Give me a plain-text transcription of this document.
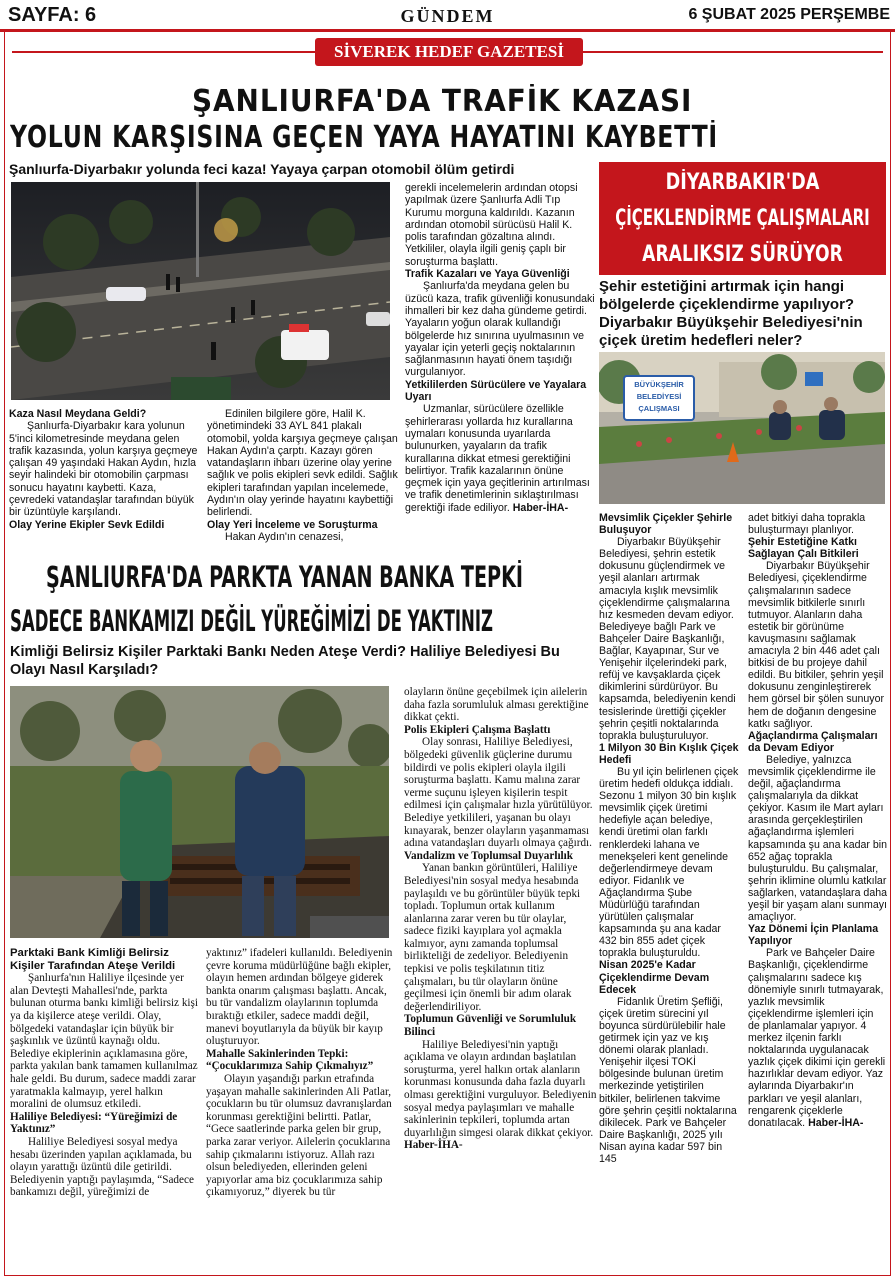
SAYFA: 6	GÜNDEM	6 ŞUBAT 2025 PERŞEMBE
SİVEREK HEDEF GAZETESİ
ŞANLIURFA'DA TRAFİK KAZASI
YOLUN KARŞISINA GEÇEN YAYA HAYATINI KAYBETTİ
Şanlıurfa-Diyarbakır yolunda feci kaza! Yayaya çarpan otomobil ölüm getirdi

Kaza Nasıl Meydana Geldi?

Şanlıurfa-Diyarbakır kara yolunun 5'inci kilometresinde meydana gelen trafik kazasında, yolun karşıya geçmeye çalışan 49 yaşındaki Hakan Aydın, hızla seyir halindeki bir otomobilin çarpması sonucu hayatını kaybetti. Kaza, çevredeki vatandaşlar tarafından büyük bir üzüntüyle karşılandı.

Olay Yerine Ekipler Sevk Edildi

Edinilen bilgilere göre, Halil K. yönetimindeki 33 AYL 841 plakalı otomobil, yolda karşıya geçmeye çalışan Hakan Aydın'a çarptı. Kazayı gören vatandaşların ihbarı üzerine olay yerine sağlık ve polis ekipleri sevk edildi. Sağlık ekipleri tarafından yapılan incelemede, Aydın'ın olay yerinde hayatını kaybettiği belirlendi.

Olay Yeri İnceleme ve Soruşturma

Hakan Aydın'ın cenazesi,

gerekli incelemelerin ardından otopsi yapılmak üzere Şanlıurfa Adli Tıp Kurumu morguna kaldırıldı. Kazanın ardından otomobil sürücüsü Halil K. polis tarafından gözaltına alındı. Yetkililer, olayla ilgili geniş çaplı bir soruşturma başlattı.

Trafik Kazaları ve Yaya Güvenliği

Şanlıurfa'da meydana gelen bu üzücü kaza, trafik güvenliği konusundaki ihmalleri bir kez daha gündeme getirdi. Yayaların yoğun olarak kullandığı bölgelerde hız sınırına uyulmasının ve yayalar için yeterli geçiş noktalarının sağlanmasının hayati önem taşıdığı vurgulanıyor.

Yetkililerden Sürücülere ve Yayalara Uyarı

Uzmanlar, sürücülere özellikle şehirlerarası yollarda hız kurallarına uymaları konusunda uyarılarda bulunurken, yayaların da trafik kurallarına dikkat etmesi gerektiğini belirtiyor. Trafik kazalarının önüne geçmek için yaya geçitlerinin artırılması ve trafik denetimlerinin sıklaştırılması gerektiği ifade ediliyor. Haber-İHA-

ŞANLIURFA'DA PARKTA YANAN BANKA TEPKİ
SADECE BANKAMIZI DEĞİL YÜREĞİMİZİ DE YAKTINIZ
Kimliği Belirsiz Kişiler Parktaki Bankı Neden Ateşe Verdi? Haliliye Belediyesi Bu Olayı Nasıl Karşıladı?

Parktaki Bank Kimliği Belirsiz Kişiler Tarafından Ateşe Verildi

Şanlıurfa'nın Haliliye ilçesinde yer alan Devteşti Mahallesi'nde, parkta bulunan oturma bankı kimliği belirsiz kişi ya da kişilerce ateşe verildi. Olay, bölgedeki vatandaşlar için büyük bir şaşkınlık ve üzüntü kaynağı oldu. Belediye ekiplerinin açıklamasına göre, parkta yakılan bank tamamen kullanılmaz hale geldi. Bu durum, sadece maddi zarar yaratmakla kalmayıp, yerel halkın moralini de olumsuz etkiledi.

Haliliye Belediyesi: “Yüreğimizi de Yaktınız”

Haliliye Belediyesi sosyal medya hesabı üzerinden yapılan açıklamada, bu olayın yarattığı üzüntü dile getirildi. Belediyenin yaptığı paylaşımda, “Sadece bankamızı değil, yüreğimizi de

yaktınız” ifadeleri kullanıldı. Belediyenin çevre koruma müdürlüğüne bağlı ekipler, olayın hemen ardından bölgeye giderek bankta onarım çalışması başlattı. Ancak, bu tür vandalizm olaylarının toplumda bıraktığı etkiler, sadece maddi değil, manevi boyutlarıyla da büyük bir kayıp oluşturuyor.

Mahalle Sakinlerinden Tepki: “Çocuklarımıza Sahip Çıkmalıyız”

Olayın yaşandığı parkın etrafında yaşayan mahalle sakinlerinden Ali Patlar, çocukların bu tür olumsuz davranışlardan korunması gerektiğini belirtti. Patlar, “Gece saatlerinde parka gelen bir grup, parka zarar veriyor. Ailelerin çocuklarına sahip çıkmalarını istiyoruz. Allah razı olsun belediyeden, ellerinden geleni yapıyorlar ama biz çocuklarımıza sahip çıkamıyoruz,” diyerek bu tür

olayların önüne geçebilmek için ailelerin daha fazla sorumluluk alması gerektiğine dikkat çekti.

Polis Ekipleri Çalışma Başlattı

Olay sonrası, Haliliye Belediyesi, bölgedeki güvenlik güçlerine durumu bildirdi ve polis ekipleri olayla ilgili soruşturma başlattı. Kamu malına zarar verme suçunu işleyen kişilerin tespit edilmesi için çalışmalar hızla yürütülüyor. Belediye yetkilileri, yaşanan bu olayı kınayarak, benzer olayların yaşanmaması adına vatandaşları duyarlı olmaya çağırdı.

Vandalizm ve Toplumsal Duyarlılık

Yanan bankın görüntüleri, Haliliye Belediyesi'nin sosyal medya hesabında paylaşıldı ve bu görüntüler büyük tepki topladı. Toplumun ortak kullanım alanlarına zarar veren bu tür olaylar, sadece fiziki kayıplara yol açmakla kalmıyor, aynı zamanda toplumsal birlikteliği de zedeliyor. Belediyenin tepkisi ve polis teşkilatının titiz çalışmaları, bu tür olayların önüne geçilmesi için önemli bir adım olarak değerlendiriliyor.

Toplumun Güvenliği ve Sorumluluk Bilinci

Haliliye Belediyesi'nin yaptığı açıklama ve olayın ardından başlatılan soruşturma, yerel halkın ortak alanların korunması konusunda daha fazla duyarlı olması gerektiğini vurguluyor. Belediyenin sosyal medya paylaşımları ve mahalle sakinlerinin tepkileri, toplumda artan duyarlılığın simgesi olarak dikkat çekiyor. Haber-İHA-

DİYARBAKIR'DA
ÇİÇEKLENDİRME ÇALIŞMALARI
ARALIKSIZ SÜRÜYOR
Şehir estetiğini artırmak için hangi bölgelerde çiçeklendirme yapılıyor? Diyarbakır Büyükşehir Belediyesi'nin çiçek üretim hedefleri neler?
BÜYÜKŞEHİR BELEDİYESİ ÇALIŞMASI

Mevsimlik Çiçekler Şehirle Buluşuyor

Diyarbakır Büyükşehir Belediyesi, şehrin estetik dokusunu güçlendirmek ve yeşil alanları artırmak amacıyla kışlık mevsimlik çiçeklendirme çalışmalarına hız kesmeden devam ediyor. Belediyeye bağlı Park ve Bahçeler Daire Başkanlığı, Bağlar, Kayapınar, Sur ve Yenişehir ilçelerindeki park, refüj ve kavşaklarda çiçek dikimlerini sürdürüyor. Bu kapsamda, belediyenin kendi tesislerinde ürettiği çiçekler şehrin çeşitli noktalarında toprakla buluşturuluyor.

1 Milyon 30 Bin Kışlık Çiçek Hedefi

Bu yıl için belirlenen çiçek üretim hedefi oldukça iddialı. Sezonu 1 milyon 30 bin kışlık mevsimlik çiçek üretimi hedefiyle açan belediye, kendi üretimi olan farklı renklerdeki lahana ve menekşeleri kent genelinde değerlendirmeye devam ediyor. Fidanlık ve Ağaçlandırma Şube Müdürlüğü tarafından yürütülen çalışmalar kapsamında şu ana kadar 432 bin 855 adet çiçek toprakla buluşturuldu.

Nisan 2025'e Kadar Çiçeklendirme Devam Edecek

Fidanlık Üretim Şefliği, çiçek üretim sürecini yıl boyunca sürdürülebilir hale getirmek için yaz ve kış dönemi olarak planladı. Yenişehir ilçesi TOKİ bölgesinde bulunan üretim merkezinde yetiştirilen bitkiler, belirlenen takvime göre şehrin çeşitli noktalarına dikilecek. Park ve Bahçeler Daire Başkanlığı, 2025 yılı Nisan ayına kadar 597 bin 145

adet bitkiyi daha toprakla buluşturmayı planlıyor.

Şehir Estetiğine Katkı Sağlayan Çalı Bitkileri

Diyarbakır Büyükşehir Belediyesi, çiçeklendirme çalışmalarının sadece mevsimlik bitkilerle sınırlı tutmuyor. Alanların daha estetik bir görünüme kavuşmasını sağlamak amacıyla 2 bin 446 adet çalı bitkisi de bu projeye dahil edildi. Bu bitkiler, şehrin yeşil dokusunu zenginleştirerek hem görsel bir şölen sunuyor hem de doğanın dengesine katkı sağlıyor.

Ağaçlandırma Çalışmaları da Devam Ediyor

Belediye, yalnızca mevsimlik çiçeklendirme ile değil, ağaçlandırma çalışmalarıyla da dikkat çekiyor. Kasım ile Mart ayları arasında gerçekleştirilen ağaçlandırma işlemleri kapsamında şu ana kadar bin 652 ağaç toprakla buluşturuldu. Bu çalışmalar, şehrin iklimine olumlu katkılar sağlarken, vatandaşlara daha yeşil bir yaşam alanı sunmayı amaçlıyor.

Yaz Dönemi İçin Planlama Yapılıyor

Park ve Bahçeler Daire Başkanlığı, çiçeklendirme çalışmalarını sadece kış dönemiyle sınırlı tutmayarak, yazlık mevsimlik çiçeklendirme işlemleri için de planlamalar yapıyor. 4 merkez ilçenin farklı noktalarında uygulanacak yazlık çiçek dikimi için gerekli hazırlıklar devam ediyor. Yaz aylarında Diyarbakır'ın parkları ve yeşil alanları, rengarenk çiçeklerle donatılacak. Haber-İHA-
